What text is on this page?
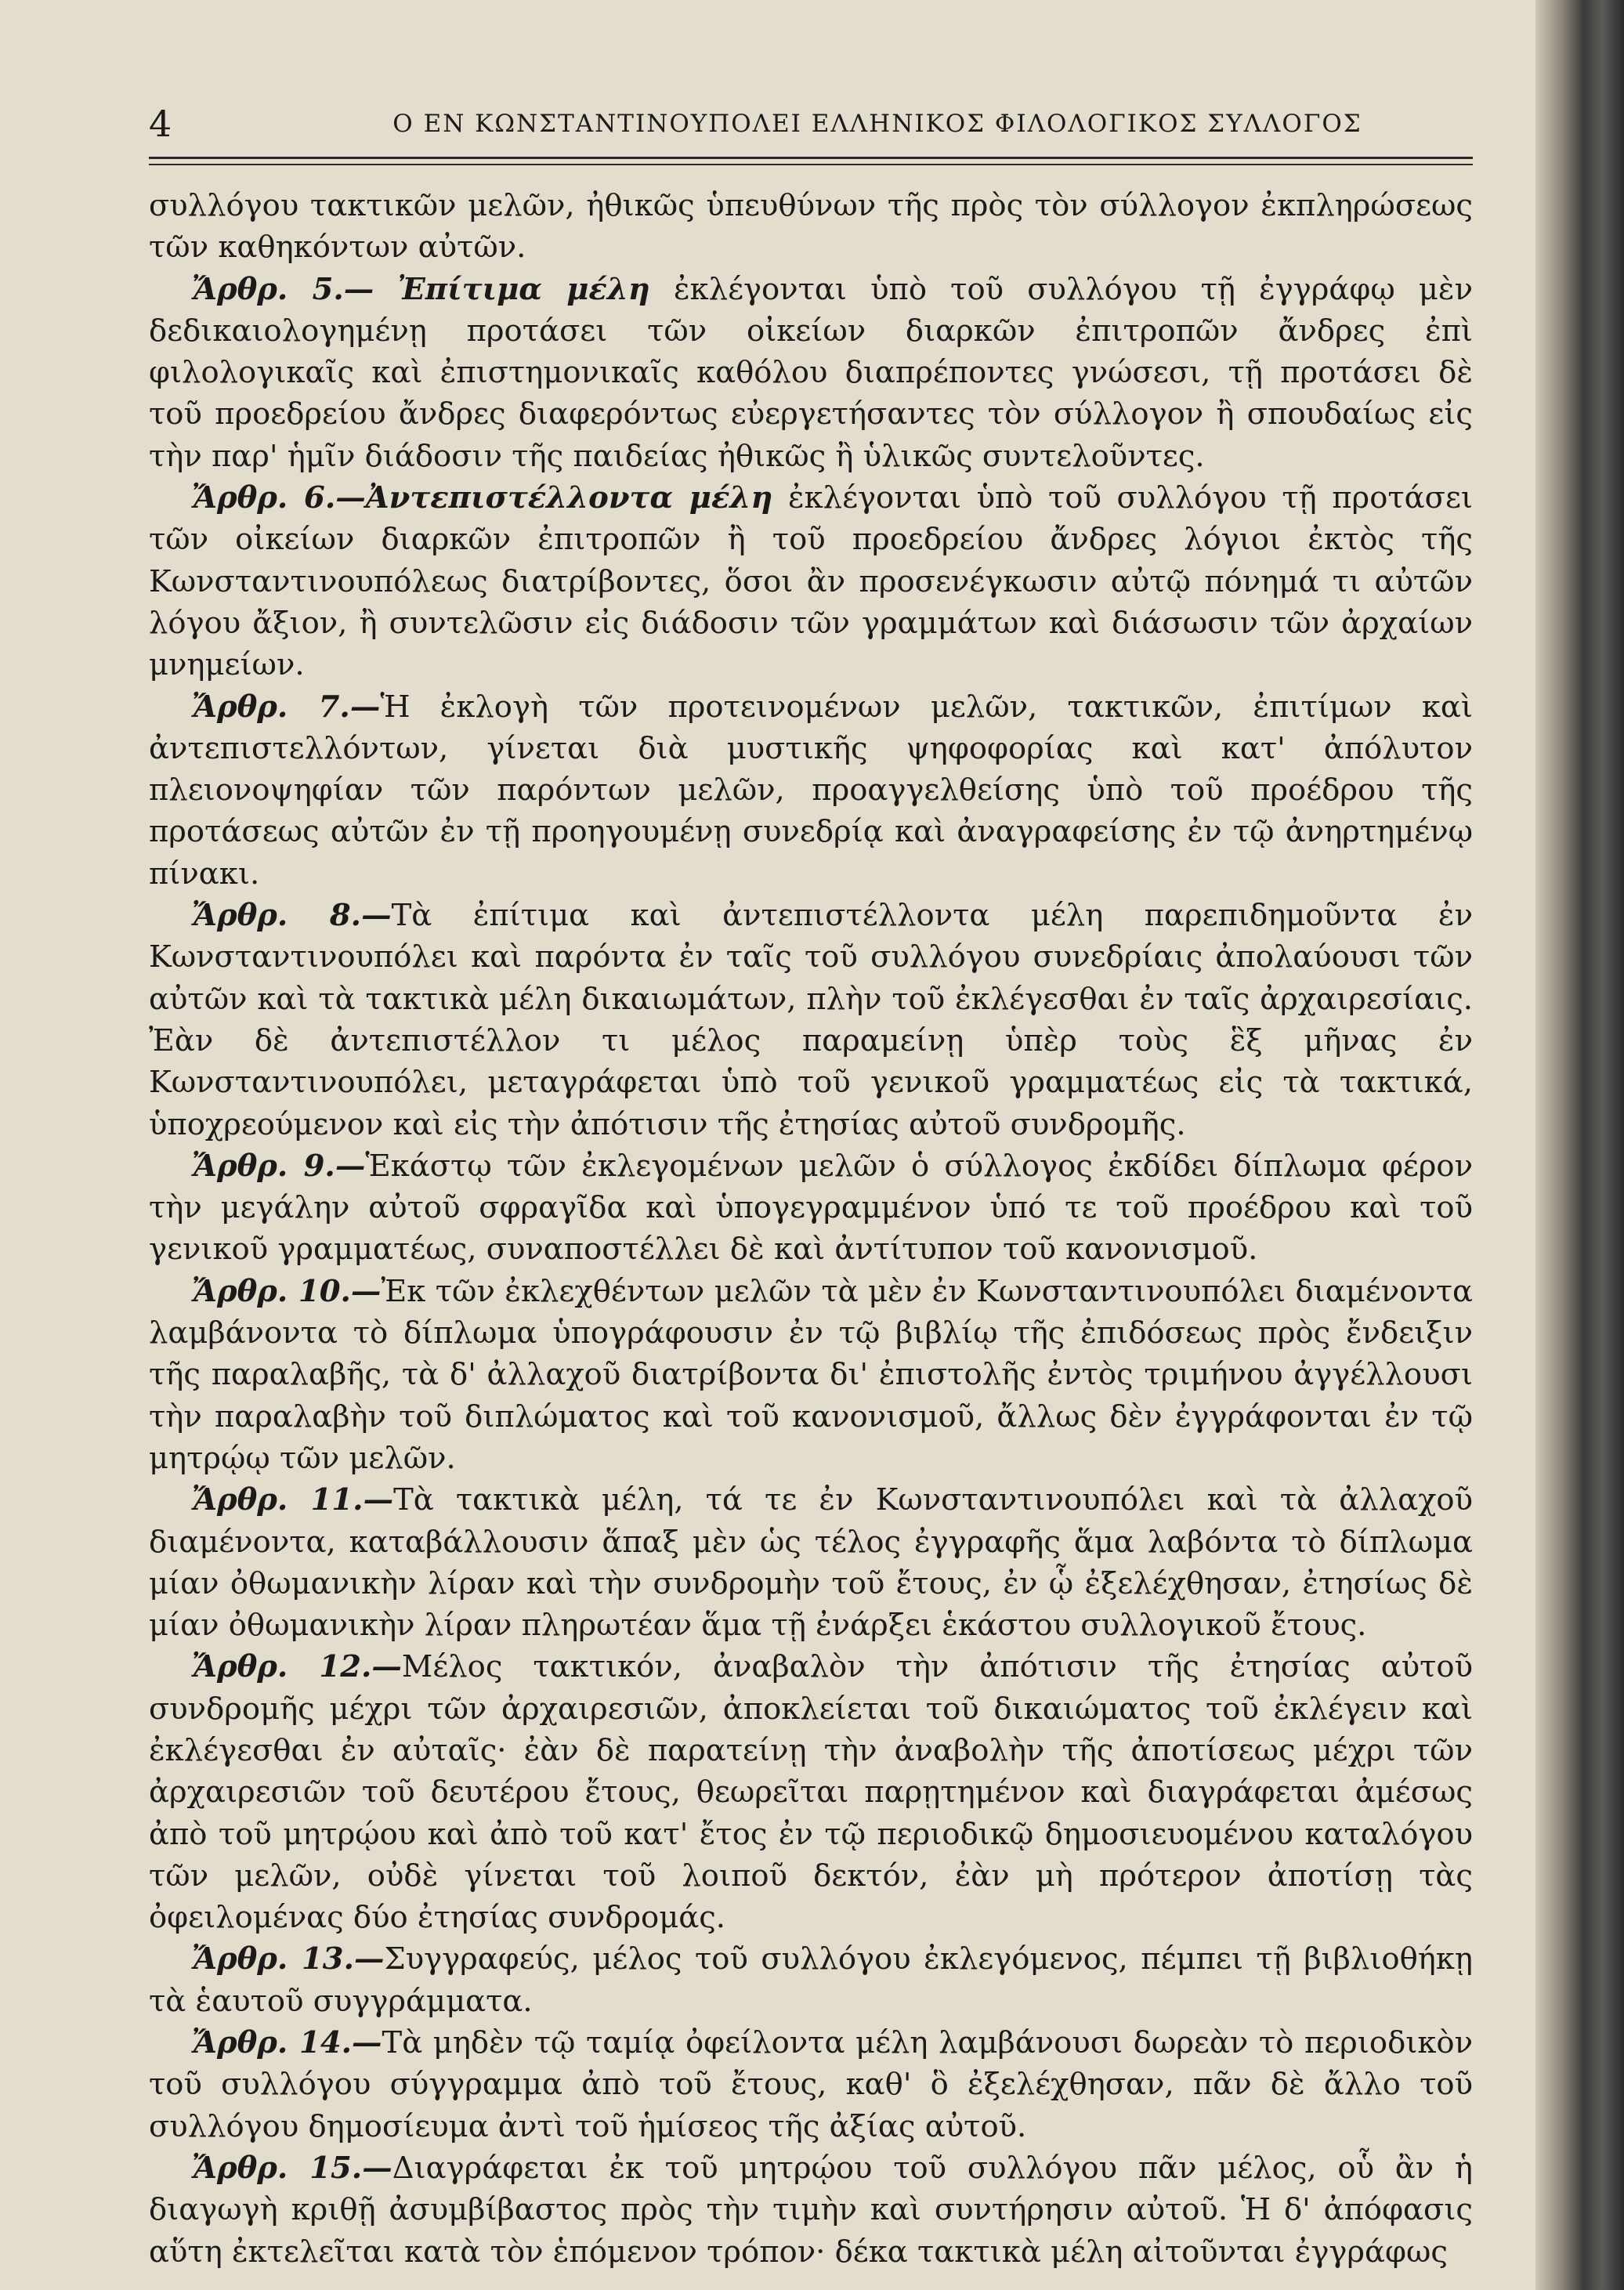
4	Ο ΕΝ ΚΩΝΣΤΑΝΤΙΝΟΥΠΟΛΕΙ ΕΛΛΗΝΙΚΟΣ ΦΙΛΟΛΟΓΙΚΟΣ ΣΥΛΛΟΓΟΣ

συλλόγου τακτικῶν μελῶν, ἠθικῶς ὑπευθύνων τῆς πρὸς τὸν σύλλογον ἐκπληρώσεως τῶν καθηκόντων αὐτῶν.

Ἄρθρ. 5.— Ἐπίτιμα μέλη ἐκλέγονται ὑπὸ τοῦ συλλόγου τῇ ἐγγράφῳ μὲν δεδικαιολογημένῃ προτάσει τῶν οἰκείων διαρκῶν ἐπιτροπῶν ἄνδρες ἐπὶ φιλολογικαῖς καὶ ἐπιστημονικαῖς καθόλου διαπρέποντες γνώσεσι, τῇ προτάσει δὲ τοῦ προεδρείου ἄνδρες διαφερόντως εὐεργετήσαντες τὸν σύλλογον ἢ σπουδαίως εἰς τὴν παρ' ἡμῖν διάδοσιν τῆς παιδείας ἠθικῶς ἢ ὑλικῶς συντελοῦντες.

Ἄρθρ. 6.—Ἀντεπιστέλλοντα μέλη ἐκλέγονται ὑπὸ τοῦ συλλόγου τῇ προτάσει τῶν οἰκείων διαρκῶν ἐπιτροπῶν ἢ τοῦ προεδρείου ἄνδρες λόγιοι ἐκτὸς τῆς Κωνσταντινουπόλεως διατρίβοντες, ὅσοι ἂν προσενέγκωσιν αὐτῷ πόνημά τι αὐτῶν λόγου ἄξιον, ἢ συντελῶσιν εἰς διάδοσιν τῶν γραμμάτων καὶ διάσωσιν τῶν ἀρχαίων μνημείων.

Ἄρθρ. 7.—Ἡ ἐκλογὴ τῶν προτεινομένων μελῶν, τακτικῶν, ἐπιτίμων καὶ ἀντεπιστελλόντων, γίνεται διὰ μυστικῆς ψηφοφορίας καὶ κατ' ἀπόλυτον πλειονοψηφίαν τῶν παρόντων μελῶν, προαγγελθείσης ὑπὸ τοῦ προέδρου τῆς προτάσεως αὐτῶν ἐν τῇ προηγουμένῃ συνεδρίᾳ καὶ ἀναγραφείσης ἐν τῷ ἀνηρτημένῳ πίνακι.

Ἄρθρ. 8.—Τὰ ἐπίτιμα καὶ ἀντεπιστέλλοντα μέλη παρεπιδημοῦντα ἐν Κωνσταντινουπόλει καὶ παρόντα ἐν ταῖς τοῦ συλλόγου συνεδρίαις ἀπολαύουσι τῶν αὐτῶν καὶ τὰ τακτικὰ μέλη δικαιωμάτων, πλὴν τοῦ ἐκλέγεσθαι ἐν ταῖς ἀρχαιρεσίαις. Ἐὰν δὲ ἀντεπιστέλλον τι μέλος παραμείνῃ ὑπὲρ τοὺς ἓξ μῆνας ἐν Κωνσταντινουπόλει, μεταγράφεται ὑπὸ τοῦ γενικοῦ γραμματέως εἰς τὰ τακτικά, ὑποχρεούμενον καὶ εἰς τὴν ἀπότισιν τῆς ἐτησίας αὐτοῦ συνδρομῆς.

Ἄρθρ. 9.—Ἑκάστῳ τῶν ἐκλεγομένων μελῶν ὁ σύλλογος ἐκδίδει δίπλωμα φέρον τὴν μεγάλην αὐτοῦ σφραγῖδα καὶ ὑπογεγραμμένον ὑπό τε τοῦ προέδρου καὶ τοῦ γενικοῦ γραμματέως, συναποστέλλει δὲ καὶ ἀντίτυπον τοῦ κανονισμοῦ.

Ἄρθρ. 10.—Ἐκ τῶν ἐκλεχθέντων μελῶν τὰ μὲν ἐν Κωνσταντινουπόλει διαμένοντα λαμβάνοντα τὸ δίπλωμα ὑπογράφουσιν ἐν τῷ βιβλίῳ τῆς ἐπιδόσεως πρὸς ἔνδειξιν τῆς παραλαβῆς, τὰ δ' ἀλλαχοῦ διατρίβοντα δι' ἐπιστολῆς ἐντὸς τριμήνου ἀγγέλλουσι τὴν παραλαβὴν τοῦ διπλώματος καὶ τοῦ κανονισμοῦ, ἄλλως δὲν ἐγγράφονται ἐν τῷ μητρῴῳ τῶν μελῶν.

Ἄρθρ. 11.—Τὰ τακτικὰ μέλη, τά τε ἐν Κωνσταντινουπόλει καὶ τὰ ἀλλαχοῦ διαμένοντα, καταβάλλουσιν ἅπαξ μὲν ὡς τέλος ἐγγραφῆς ἅμα λαβόντα τὸ δίπλωμα μίαν ὀθωμανικὴν λίραν καὶ τὴν συνδρομὴν τοῦ ἔτους, ἐν ᾧ ἐξελέχθησαν, ἐτησίως δὲ μίαν ὀθωμανικὴν λίραν πληρωτέαν ἅμα τῇ ἐνάρξει ἑκάστου συλλογικοῦ ἔτους.

Ἄρθρ. 12.—Μέλος τακτικόν, ἀναβαλὸν τὴν ἀπότισιν τῆς ἐτησίας αὐτοῦ συνδρομῆς μέχρι τῶν ἀρχαιρεσιῶν, ἀποκλείεται τοῦ δικαιώματος τοῦ ἐκλέγειν καὶ ἐκλέγεσθαι ἐν αὐταῖς· ἐὰν δὲ παρατείνῃ τὴν ἀναβολὴν τῆς ἀποτίσεως μέχρι τῶν ἀρχαιρεσιῶν τοῦ δευτέρου ἔτους, θεωρεῖται παρῃτημένον καὶ διαγράφεται ἀμέσως ἀπὸ τοῦ μητρῴου καὶ ἀπὸ τοῦ κατ' ἔτος ἐν τῷ περιοδικῷ δημοσιευομένου καταλόγου τῶν μελῶν, οὐδὲ γίνεται τοῦ λοιποῦ δεκτόν, ἐὰν μὴ πρότερον ἀποτίσῃ τὰς ὀφειλομένας δύο ἐτησίας συνδρομάς.

Ἄρθρ. 13.—Συγγραφεύς, μέλος τοῦ συλλόγου ἐκλεγόμενος, πέμπει τῇ βιβλιοθήκῃ τὰ ἑαυτοῦ συγγράμματα.

Ἄρθρ. 14.—Τὰ μηδὲν τῷ ταμίᾳ ὀφείλοντα μέλη λαμβάνουσι δωρεὰν τὸ περιοδικὸν τοῦ συλλόγου σύγγραμμα ἀπὸ τοῦ ἔτους, καθ' ὃ ἐξελέχθησαν, πᾶν δὲ ἄλλο τοῦ συλλόγου δημοσίευμα ἀντὶ τοῦ ἡμίσεος τῆς ἀξίας αὐτοῦ.

Ἄρθρ. 15.—Διαγράφεται ἐκ τοῦ μητρῴου τοῦ συλλόγου πᾶν μέλος, οὗ ἂν ἡ διαγωγὴ κριθῇ ἀσυμβίβαστος πρὸς τὴν τιμὴν καὶ συντήρησιν αὐτοῦ. Ἡ δ' ἀπόφασις αὕτη ἐκτελεῖται κατὰ τὸν ἑπόμενον τρόπον· δέκα τακτικὰ μέλη αἰτοῦνται ἐγγράφως
